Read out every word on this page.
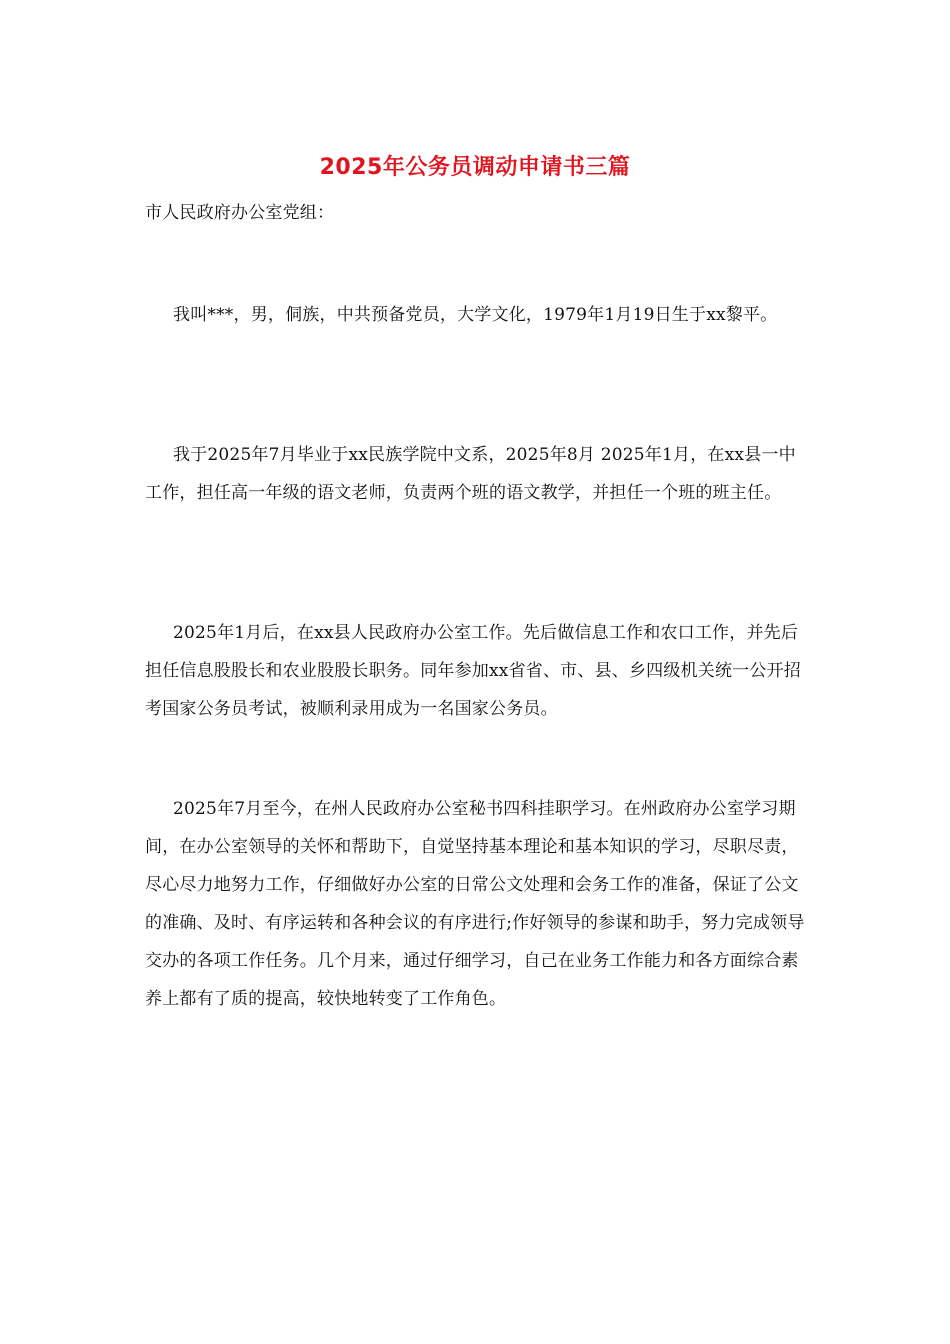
2025年公务员调动申请书三篇

市人民政府办公室党组：

我叫***，男，侗族，中共预备党员，大学文化，1979年1月19日生于xx黎平。

我于2025年7月毕业于xx民族学院中文系，2025年8月 2025年1月，在xx县一中工作，担任高一年级的语文老师，负责两个班的语文教学，并担任一个班的班主任。

2025年1月后，在xx县人民政府办公室工作。先后做信息工作和农口工作，并先后担任信息股股长和农业股股长职务。同年参加xx省省、市、县、乡四级机关统一公开招考国家公务员考试，被顺利录用成为一名国家公务员。

2025年7月至今，在州人民政府办公室秘书四科挂职学习。在州政府办公室学习期间，在办公室领导的关怀和帮助下，自觉坚持基本理论和基本知识的学习，尽职尽责，尽心尽力地努力工作，仔细做好办公室的日常公文处理和会务工作的准备，保证了公文的准确、及时、有序运转和各种会议的有序进行;作好领导的参谋和助手，努力完成领导交办的各项工作任务。几个月来，通过仔细学习，自己在业务工作能力和各方面综合素养上都有了质的提高，较快地转变了工作角色。
